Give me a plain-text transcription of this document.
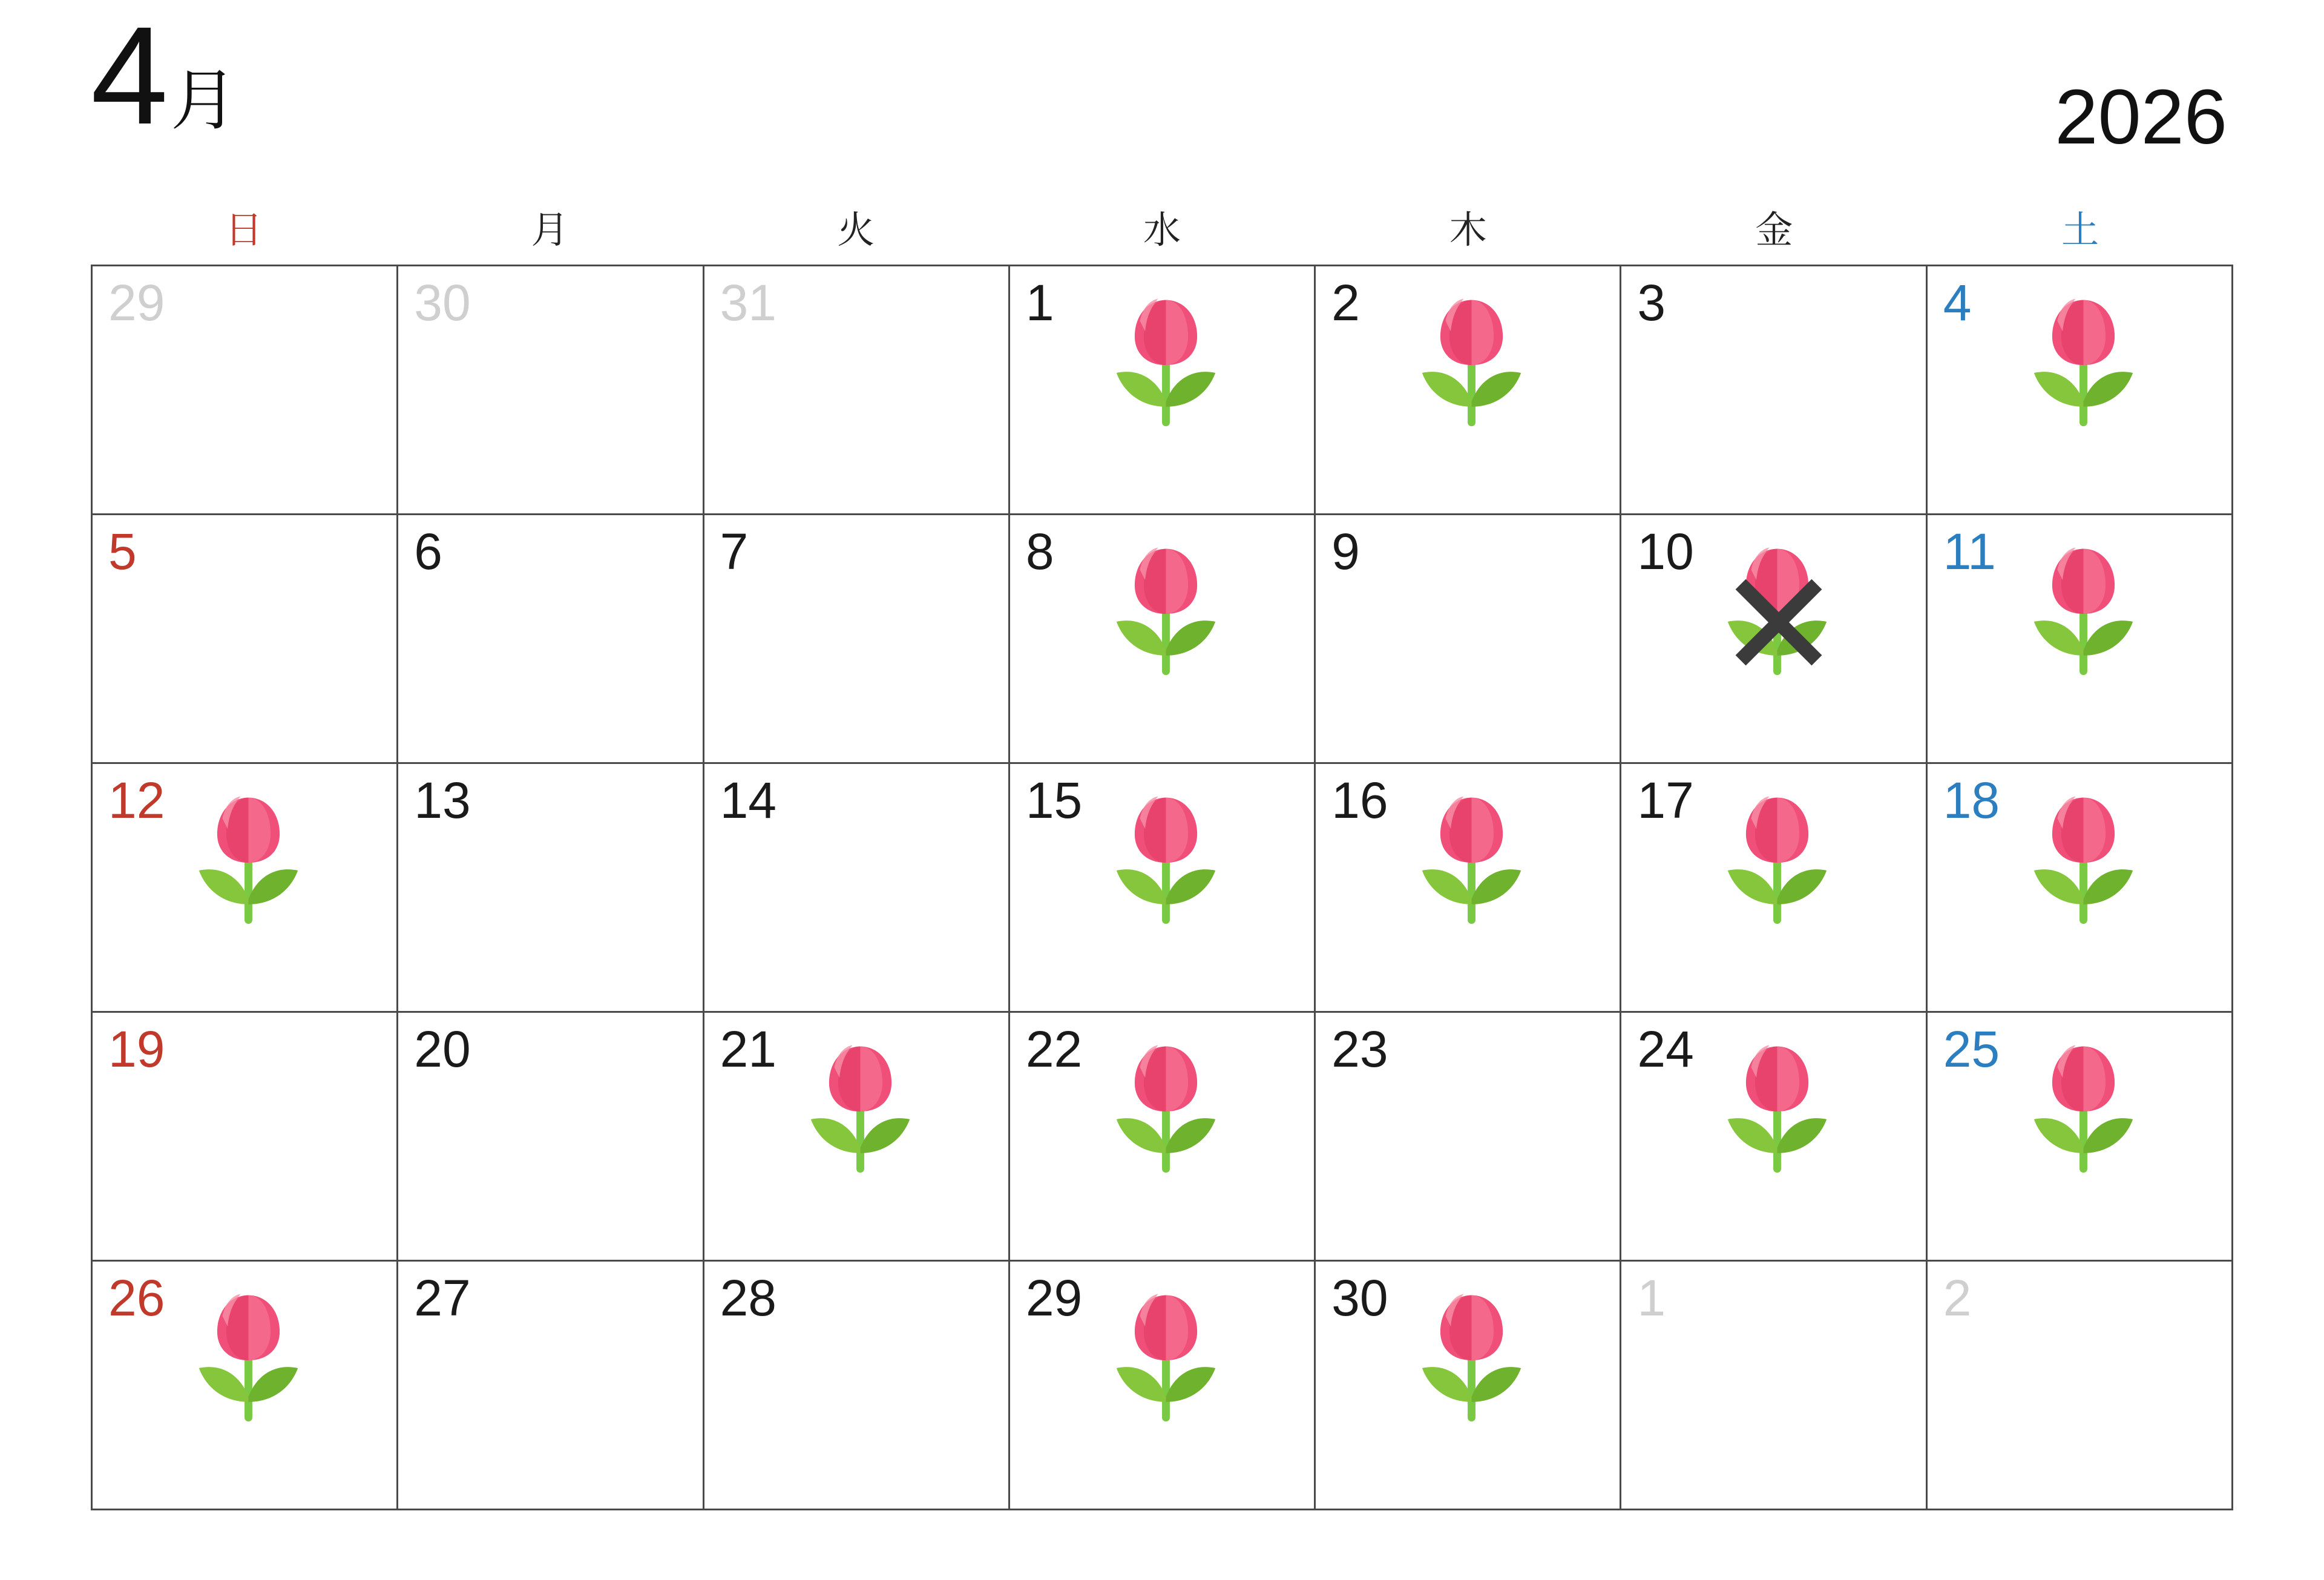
4 月	2026
日	月	火	水	木	金	土
29	30	31	1	2	3	4
5	6	7	8	9	10	11
12	13	14	15	16	17	18
19	20	21	22	23	24	25
26	27	28	29	30	1	2
